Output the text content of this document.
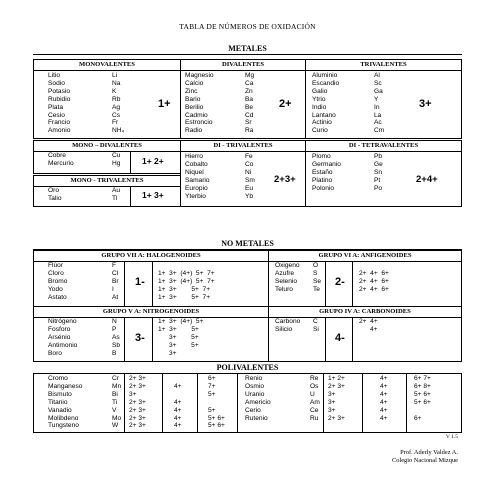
TABLA DE NÚMEROS DE OXIDACIÓN
METALES
MONOVALENTES
Litio
Sodio
Potasio
Rubidio
Plata
Cesio
Francio
Amonio
Li
Na
K
Rb
Ag
Cs
Fr
NH₄
1+
DIVALENTES
Magnesio
Calcio
Zinc
Bario
Berilio
Cadmio
Estroncio
Radio
Mg
Ca
Zn
Ba
Be
Cd
Sr
Ra
2+
TRIVALENTES
Aluminio
Escandio
Galio
Ytrio
Indio
Lantano
Actinio
Curio
Al
Sc
Ga
Y
In
La
Ac
Cm
3+
MONO – DIVALENTES
Cobre
Mercurio
Cu
Hg	1+ 2+
MONO - TRIVALENTES
Oro
Talio
Au
Tl	1+ 3+
DI - TRIVALENTES
Hierro
Cobalto
Niquel
Samario
Europio
Yterbio
Fe
Co
Ni
Sm
Eu
Yb
2+3+
DI - TETRAVALENTES
Plomo
Germanio
Estaño
Platino
Polonio
Pb
Ge
Sn
Pt
Po
2+4+
NO METALES
GRUPO VII A: HALOGENOIDES
Flúor
Cloro
Bromo
Yodo
Astato
F
Cl
Br
I
At
1-

1+  3+  (4+)  5+  7+
1+  3+  (4+)  5+  7+
1+  3+        5+  7+
1+  3+        5+  7+
GRUPO VI A: ANFIGENOIDES
Oxigeno
Azufre
Selenio
Teluro
O
S
Se
Te
2-

2+  4+  6+
2+  4+  6+
2+  4+  6+
GRUPO V A: NITROGENOIDES
Nitrógeno
Fosforo
Arsénio
Antimonio
Boro
N
P
As
Sb
B
3-
1+  3+  (4+)  5+
1+  3+        5+
3+        5+
3+        5+
3+
GRUPO IV A: CARBONOIDES
Carbono
Silicio
C
Si
4-
2+  4+
4+
POLIVALENTES
Cromo
Manganeso
Bismuto
Titanio
Vanadio
Molibdeno
Tungsteno
Cr
Mn
Bi
Ti
V
Mo
W
2+ 3+
2+ 3+
3+
2+ 3+
2+ 3+
2+ 3+
2+ 3+

4+

4+
4+
4+
4+
6+
7+
5+

5+
5+ 6+
5+ 6+
Renio
Osmio
Uranio
Americio
Cerio
Rutenio
Re
Os
U
Am
Ce
Ru
1+ 2+
2+ 3+
3+
3+
3+
2+ 3+
4+
4+
4+
4+
4+
4+
6+ 7+
6+ 8+
5+ 6+
5+ 6+

6+
V 1.5
Prof. Aderly Valdez A.
Colegio Nacional Mizque
